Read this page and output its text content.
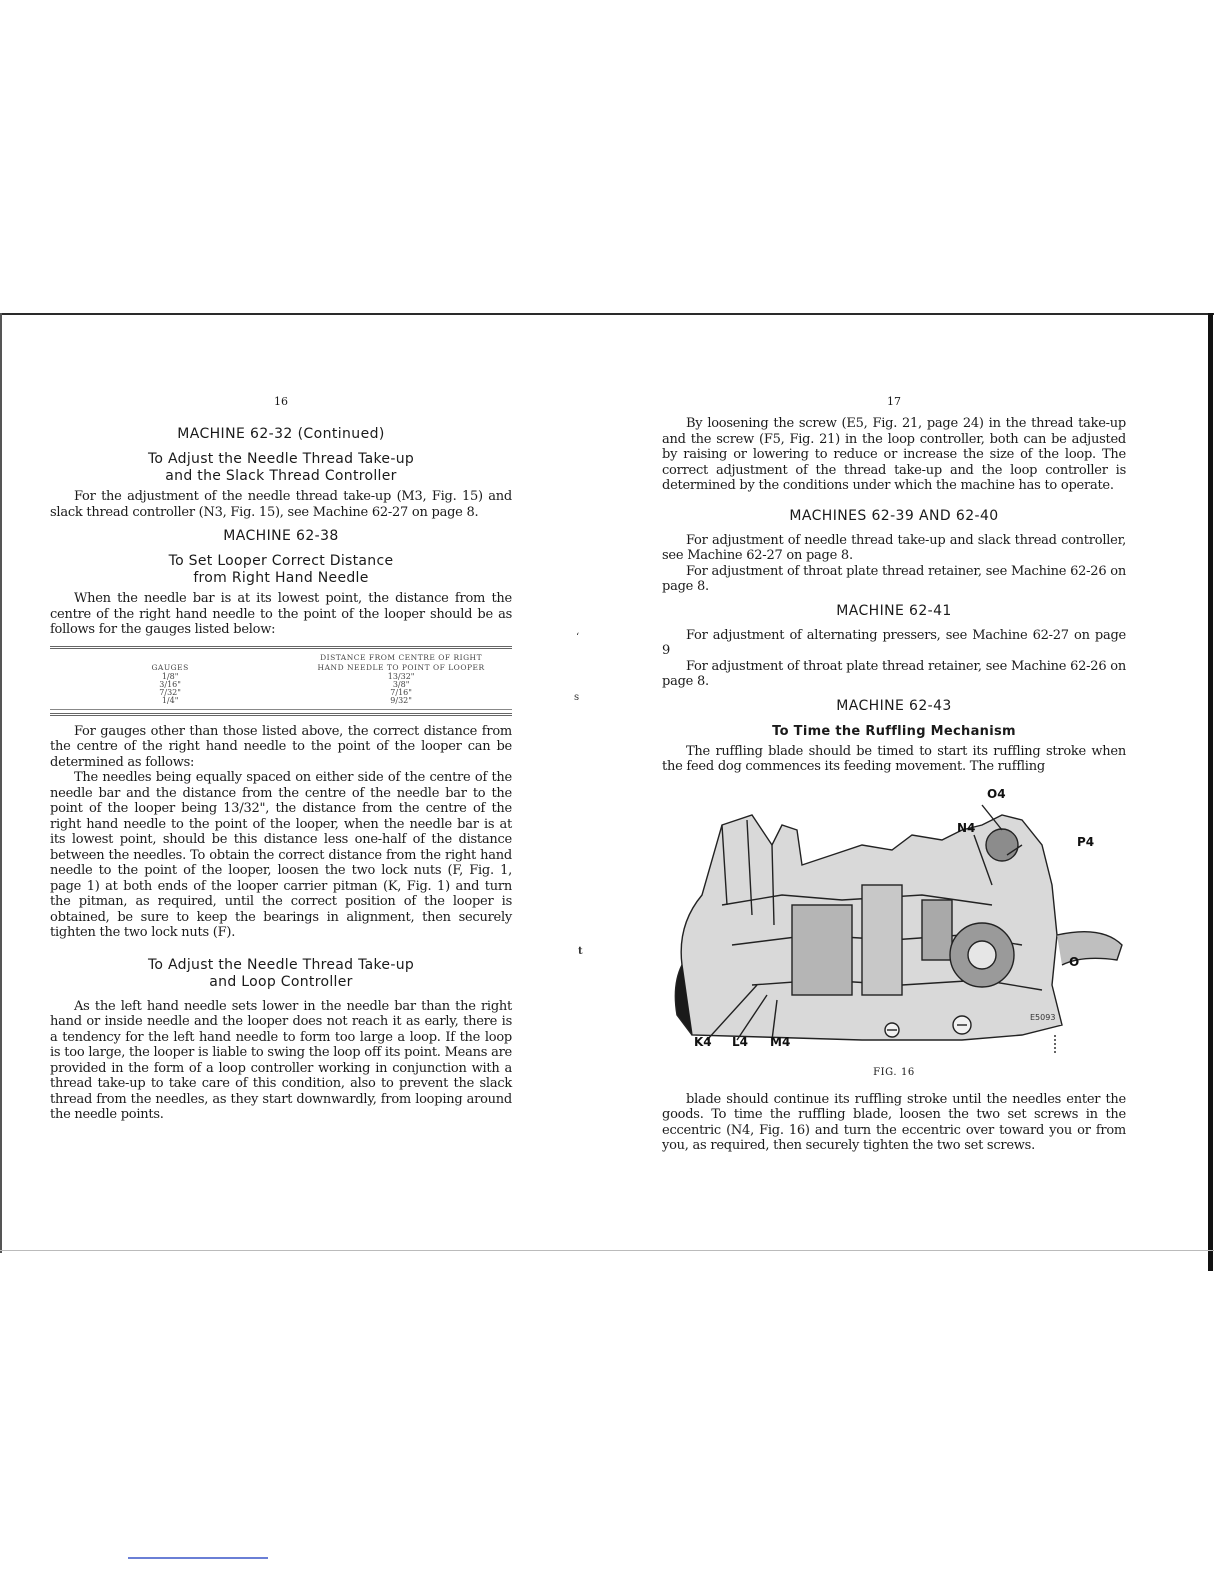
‘
s
t
16
MACHINE 62-32 (Continued)
To Adjust the Needle Thread Take-up
and the Slack Thread Controller

For the adjustment of the needle thread take-up (M3, Fig. 15) and slack thread controller (N3, Fig. 15), see Machine 62-27 on page 8.

MACHINE 62-38
To Set Looper Correct Distance
from Right Hand Needle

When the needle bar is at its lowest point, the distance from the centre of the right hand needle to the point of the looper should be as follows for the gauges listed below:

GAUGES
DISTANCE FROM CENTRE OF RIGHT
HAND NEEDLE TO POINT OF LOOPER
1/8"
3/16"
7/32"
1/4"
13/32"
3/8"
7/16"
9/32"

For gauges other than those listed above, the correct distance from the centre of the right hand needle to the point of the looper can be determined as follows:

The needles being equally spaced on either side of the centre of the needle bar and the distance from the centre of the needle bar to the point of the looper being 13/32", the distance from the centre of the right hand needle to the point of the looper, when the needle bar is at its lowest point, should be this distance less one-half of the distance between the needles. To obtain the correct distance from the right hand needle to the point of the looper, loosen the two lock nuts (F, Fig. 1, page 1) at both ends of the looper carrier pitman (K, Fig. 1) and turn the pitman, as required, until the correct position of the looper is obtained, be sure to keep the bearings in alignment, then securely tighten the two lock nuts (F).

To Adjust the Needle Thread Take-up
and Loop Controller

As the left hand needle sets lower in the needle bar than the right hand or inside needle and the looper does not reach it as early, there is a tendency for the left hand needle to form too large a loop. If the loop is too large, the looper is liable to swing the loop off its point. Means are provided in the form of a loop controller working in conjunction with a thread take-up to take care of this condition, also to prevent the slack thread from the needles, as they start downwardly, from looping around the needle points.

17

By loosening the screw (E5, Fig. 21, page 24) in the thread take-up and the screw (F5, Fig. 21) in the loop controller, both can be adjusted by raising or lowering to reduce or increase the size of the loop. The correct adjustment of the thread take-up and the loop controller is determined by the conditions under which the machine has to operate.

MACHINES 62-39 AND 62-40

For adjustment of needle thread take-up and slack thread controller, see Machine 62-27 on page 8.

For adjustment of throat plate thread retainer, see Machine 62-26 on page 8.

MACHINE 62-41

For adjustment of alternating pressers, see Machine 62-27 on page 9

For adjustment of throat plate thread retainer, see Machine 62-26 on page 8.

MACHINE 62-43
To Time the Ruffling Mechanism

The ruffling blade should be timed to start its ruffling stroke when the feed dog commences its feeding movement. The ruffling

O4
N4
P4
O
K4 L4 M4
E5093
FIG. 16

blade should continue its ruffling stroke until the needles enter the goods. To time the ruffling blade, loosen the two set screws in the eccentric (N4, Fig. 16) and turn the eccentric over toward you or from you, as required, then securely tighten the two set screws.
